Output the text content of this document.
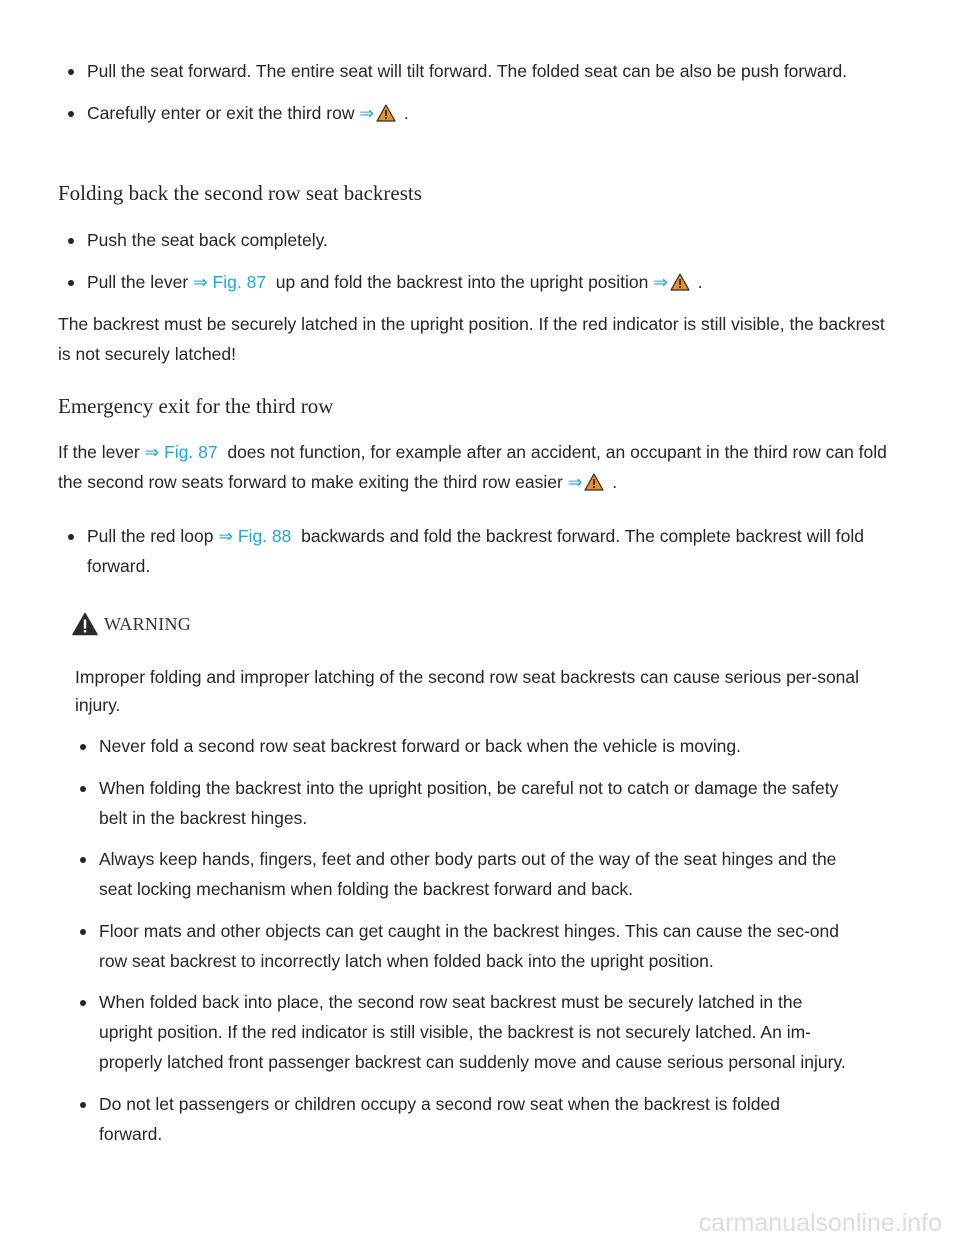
Pull the seat forward. The entire seat will tilt forward. The folded seat can be also be push forward.
Carefully enter or exit the third row ⇒ .
Folding back the second row seat backrests
Push the seat back completely.
Pull the lever ⇒ Fig. 87  up and fold the backrest into the upright position ⇒ .

The backrest must be securely latched in the upright position. If the red indicator is still visible, the backrest is not securely latched!

Emergency exit for the third row

If the lever ⇒ Fig. 87  does not function, for example after an accident, an occupant in the third row can fold the second row seats forward to make exiting the third row easier ⇒ .

Pull the red loop ⇒ Fig. 88  backwards and fold the backrest forward. The complete backrest will fold forward.
WARNING

Improper folding and improper latching of the second row seat backrests can cause serious per-sonal injury.

Never fold a second row seat backrest forward or back when the vehicle is moving.
When folding the backrest into the upright position, be careful not to catch or damage the safety belt in the backrest hinges.
Always keep hands, fingers, feet and other body parts out of the way of the seat hinges and the seat locking mechanism when folding the backrest forward and back.
Floor mats and other objects can get caught in the backrest hinges. This can cause the sec-ond row seat backrest to incorrectly latch when folded back into the upright position.
When folded back into place, the second row seat backrest must be securely latched in the upright position. If the red indicator is still visible, the backrest is not securely latched. An im-properly latched front passenger backrest can suddenly move and cause serious personal injury.
Do not let passengers or children occupy a second row seat when the backrest is folded forward.
carmanualsonline.info
